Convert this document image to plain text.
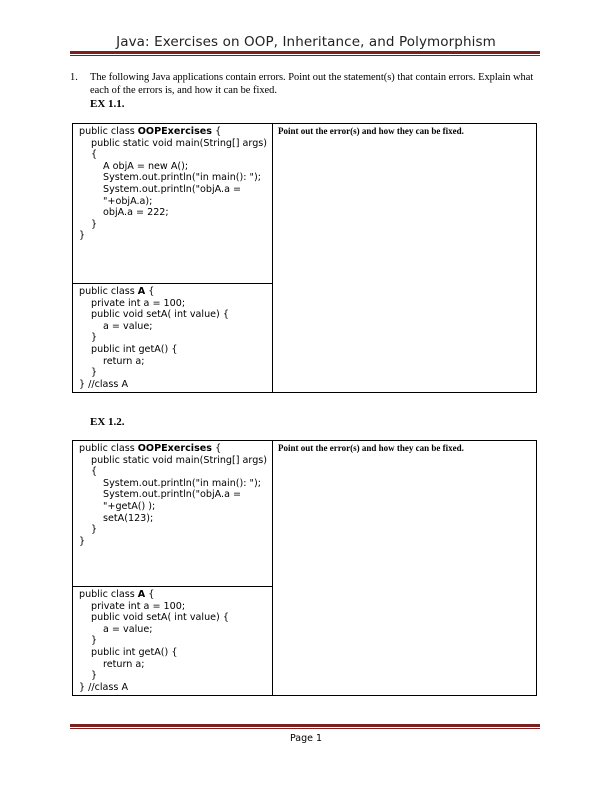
Java: Exercises on OOP, Inheritance, and Polymorphism
1. The following Java applications contain errors. Point out the statement(s) that contain errors. Explain what each of the errors is, and how it can be fixed.
EX 1.1.
public class OOPExercises {
public static void main(String[] args) {
A objA = new A();
System.out.println("in main(): ");
System.out.println("objA.a = "+objA.a);
objA.a = 222;
}
}
	Point out the error(s) and how they can be fixed.

public class A {
private int a = 100;
public void setA( int value) {
a = value;
}
public int getA() {
return a;
}
} //class A
EX 1.2.
public class OOPExercises {
public static void main(String[] args) {
System.out.println("in main(): ");
System.out.println("objA.a = "+getA() );
setA(123);
}
}
	Point out the error(s) and how they can be fixed.

public class A {
private int a = 100;
public void setA( int value) {
a = value;
}
public int getA() {
return a;
}
} //class A
Page 1
